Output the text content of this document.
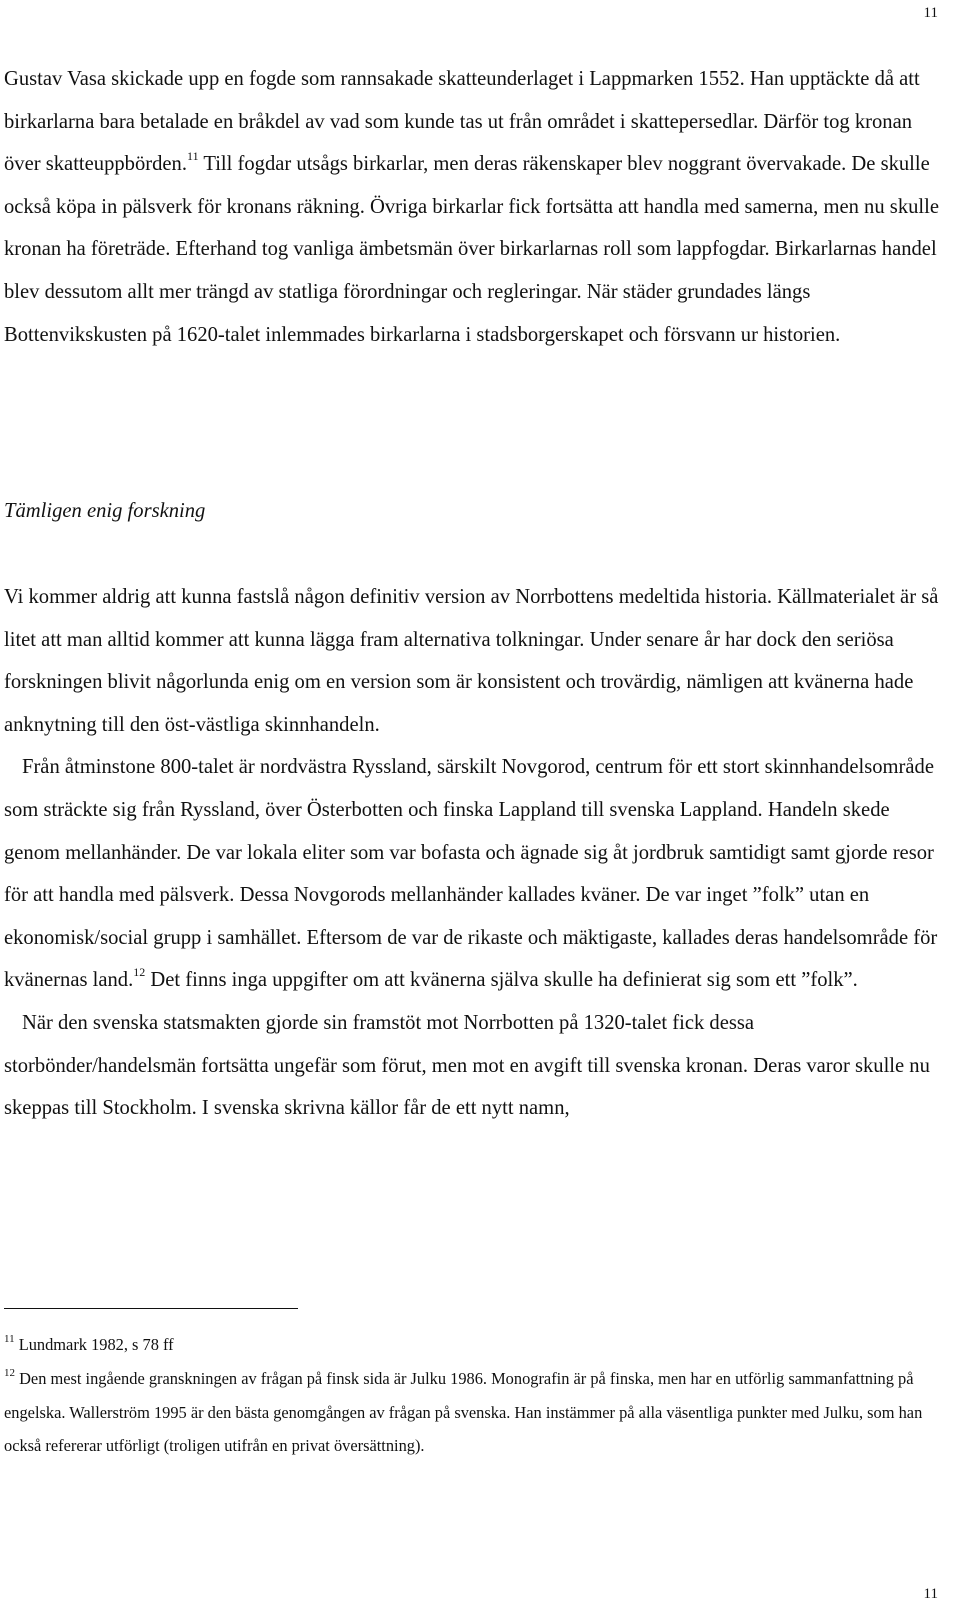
11

Gustav Vasa skickade upp en fogde som rannsakade skatteunderlaget i Lappmarken 1552. Han upptäckte då att birkarlarna bara betalade en bråkdel av vad som kunde tas ut från området i skattepersedlar. Därför tog kronan över skatteuppbörden.$^{11}$ Till fogdar utsågs birkarlar, men deras räkenskaper blev noggrant övervakade. De skulle också köpa in pälsverk för kronans räkning. Övriga birkarlar fick fortsätta att handla med samerna, men nu skulle kronan ha företräde. Efterhand tog vanliga ämbetsmän över birkarlarnas roll som lappfogdar. Birkarlarnas handel blev dessutom allt mer trängd av statliga förordningar och regleringar. När städer grundades längs Bottenvikskusten på 1620-talet inlemmades birkarlarna i stadsborgerskapet och försvann ur historien.

Tämligen enig forskning

Vi kommer aldrig att kunna fastslå någon definitiv version av Norrbottens medeltida historia. Källmaterialet är så litet att man alltid kommer att kunna lägga fram alternativa tolkningar. Under senare år har dock den seriösa forskningen blivit någorlunda enig om en version som är konsistent och trovärdig, nämligen att kvänerna hade anknytning till den öst-västliga skinnhandeln.

Från åtminstone 800-talet är nordvästra Ryssland, särskilt Novgorod, centrum för ett stort skinnhandelsområde som sträckte sig från Ryssland, över Österbotten och finska Lappland till svenska Lappland. Handeln skede genom mellanhänder. De var lokala eliter som var bofasta och ägnade sig åt jordbruk samtidigt samt gjorde resor för att handla med pälsverk. Dessa Novgorods mellanhänder kallades kväner. De var inget ”folk” utan en ekonomisk/social grupp i samhället. Eftersom de var de rikaste och mäktigaste, kallades deras handelsområde för kvänernas land.$^{12}$ Det finns inga uppgifter om att kvänerna själva skulle ha definierat sig som ett ”folk”.

När den svenska statsmakten gjorde sin framstöt mot Norrbotten på 1320-talet fick dessa storbönder/handelsmän fortsätta ungefär som förut, men mot en avgift till svenska kronan. Deras varor skulle nu skeppas till Stockholm. I svenska skrivna källor får de ett nytt namn,

$^{11}$ Lundmark 1982, s 78 ff

$^{12}$ Den mest ingående granskningen av frågan på finsk sida är Julku 1986. Monografin är på finska, men har en utförlig sammanfattning på engelska. Wallerström 1995 är den bästa genomgången av frågan på svenska. Han instämmer på alla väsentliga punkter med Julku, som han också refererar utförligt (troligen utifrån en privat översättning).

11
